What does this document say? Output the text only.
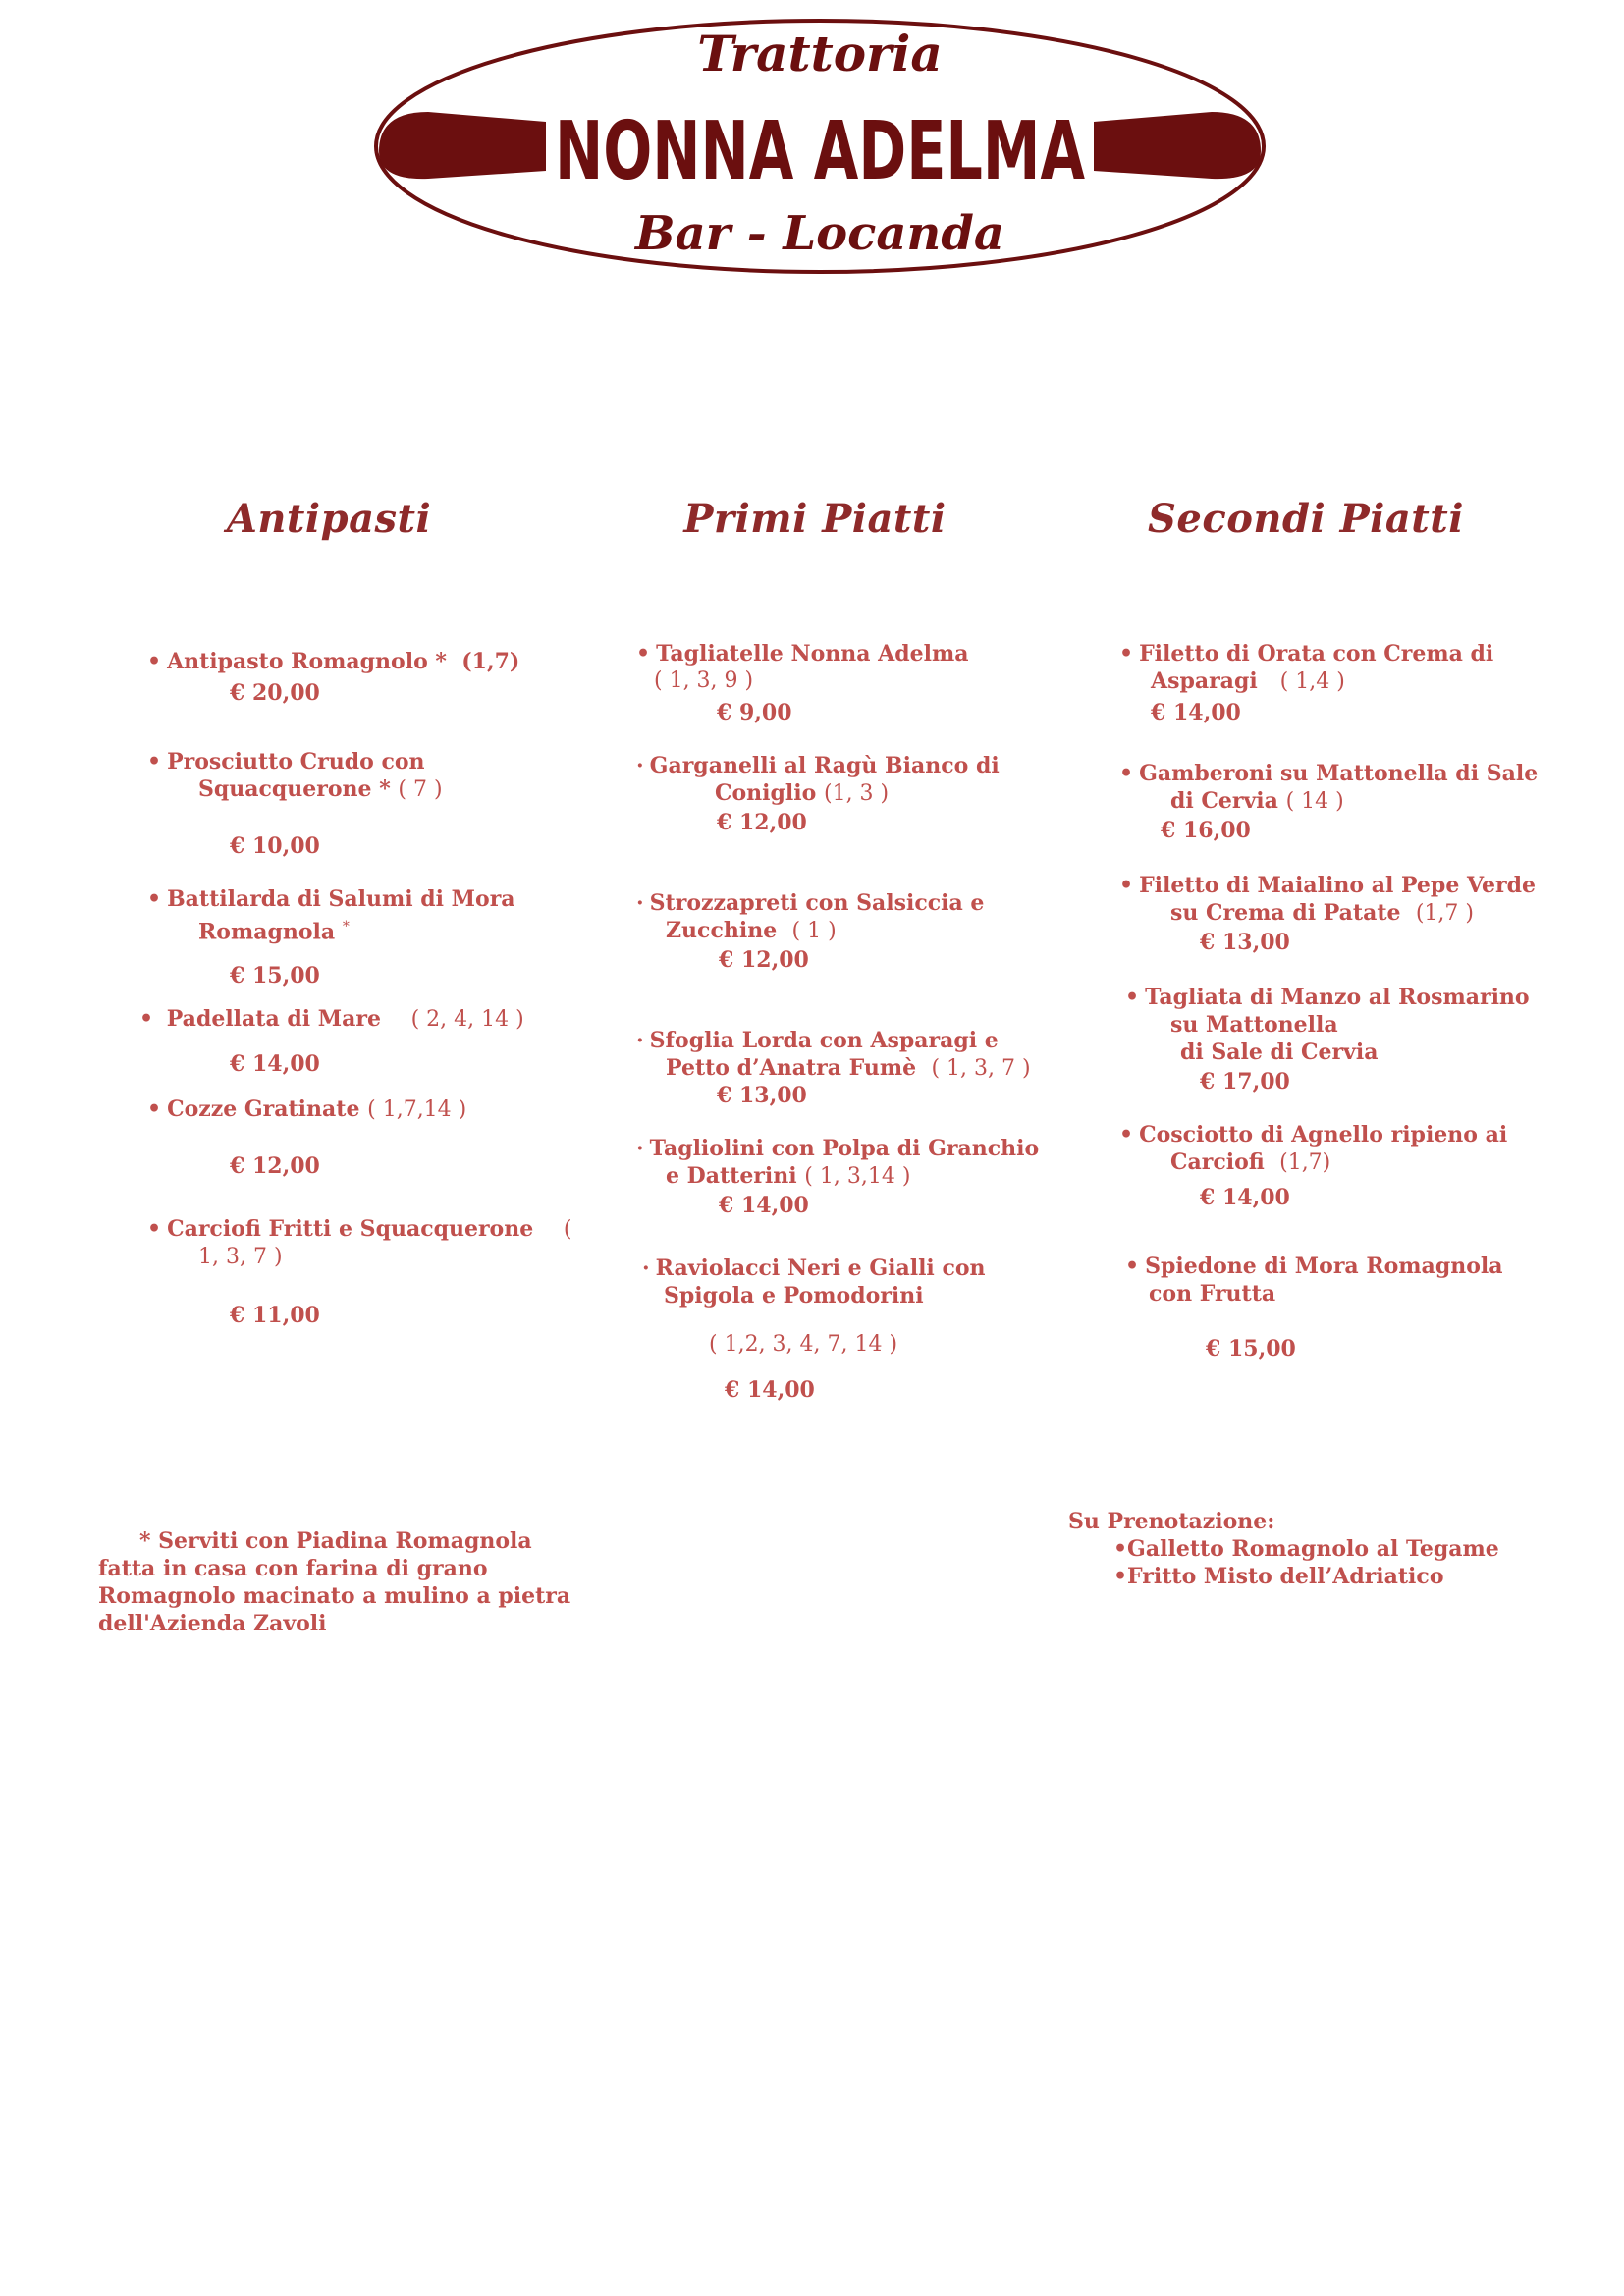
Trattoria
NONNA ADELMA
Bar - Locanda
Antipasti	Primi Piatti	Secondi Piatti
• Antipasto Romagnolo * (1,7)
€ 20,00
• Prosciutto Crudo con
Squacquerone * ( 7 )
€ 10,00
• Battilarda di Salumi di Mora
Romagnola *
€ 15,00
• Padellata di Mare ( 2, 4, 14 )
€ 14,00
• Cozze Gratinate ( 1,7,14 )
€ 12,00
• Carciofi Fritti e Squacquerone (
1, 3, 7 )
€ 11,00
• Tagliatelle Nonna Adelma
( 1, 3, 9 )
€ 9,00
· Garganelli al Ragù Bianco di
Coniglio (1, 3 )
€ 12,00
· Strozzapreti con Salsiccia e
Zucchine ( 1 )
€ 12,00
· Sfoglia Lorda con Asparagi e
Petto d’Anatra Fumè ( 1, 3, 7 )
€ 13,00
· Tagliolini con Polpa di Granchio
e Datterini ( 1, 3,14 )
€ 14,00
· Raviolacci Neri e Gialli con
Spigola e Pomodorini
( 1,2, 3, 4, 7, 14 )
€ 14,00
• Filetto di Orata con Crema di
Asparagi ( 1,4 )
€ 14,00
• Gamberoni su Mattonella di Sale
di Cervia ( 14 )
€ 16,00
• Filetto di Maialino al Pepe Verde
su Crema di Patate (1,7 )
€ 13,00
• Tagliata di Manzo al Rosmarino
su Mattonella
di Sale di Cervia
€ 17,00
• Cosciotto di Agnello ripieno ai
Carciofi (1,7)
€ 14,00
• Spiedone di Mora Romagnola
con Frutta
€ 15,00
* Serviti con Piadina Romagnola
fatta in casa con farina di grano
Romagnolo macinato a mulino a pietra
dell'Azienda Zavoli
Su Prenotazione:
•Galletto Romagnolo al Tegame
•Fritto Misto dell’Adriatico
